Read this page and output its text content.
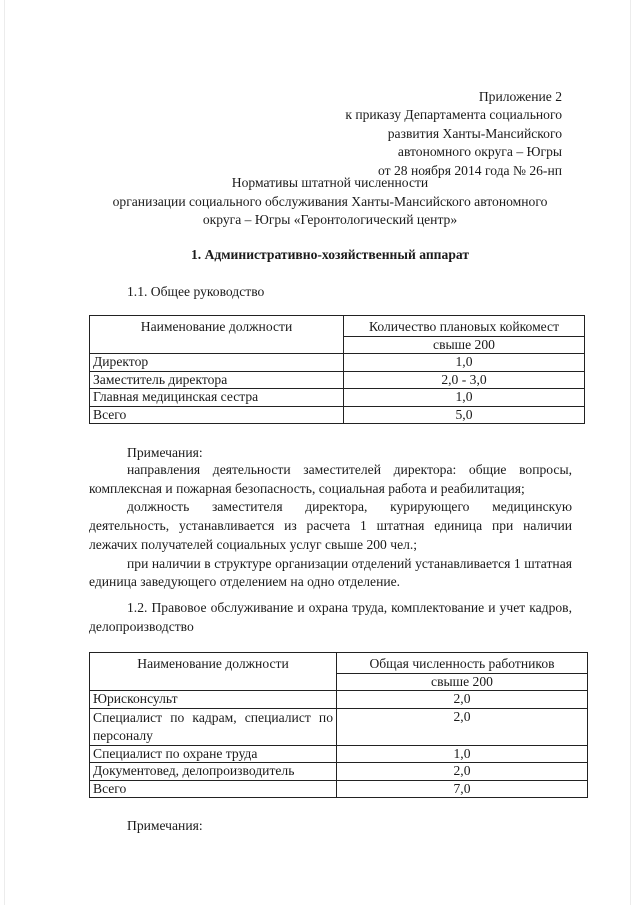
Приложение 2
к приказу Департамента социального
развития Ханты-Мансийского
автономного округа – Югры
от 28 ноября 2014 года № 26-нп
Нормативы штатной численности
организации социального обслуживания Ханты-Мансийского автономного
округа – Югры «Геронтологический центр»
1. Административно-хозяйственный аппарат
1.1. Общее руководство
Наименование должности	Количество плановых койкомест
	свыше 200
Директор	1,0
Заместитель директора	2,0 - 3,0
Главная медицинская сестра	1,0
Всего	5,0
Примечания:
направления деятельности заместителей директора: общие вопросы, комплексная и пожарная безопасность, социальная работа и реабилитация;
должность заместителя директора, курирующего медицинскую деятельность, устанавливается из расчета 1 штатная единица при наличии лежачих получателей социальных услуг свыше 200 чел.;
при наличии в структуре организации отделений устанавливается 1 штатная единица заведующего отделением на одно отделение.
1.2. Правовое обслуживание и охрана труда, комплектование и учет кадров, делопроизводство
Наименование должности	Общая численность работников
	свыше 200
Юрисконсульт	2,0
Специалист по кадрам, специалист по персоналу	2,0
Специалист по охране труда	1,0
Документовед, делопроизводитель	2,0
Всего	7,0
Примечания:
